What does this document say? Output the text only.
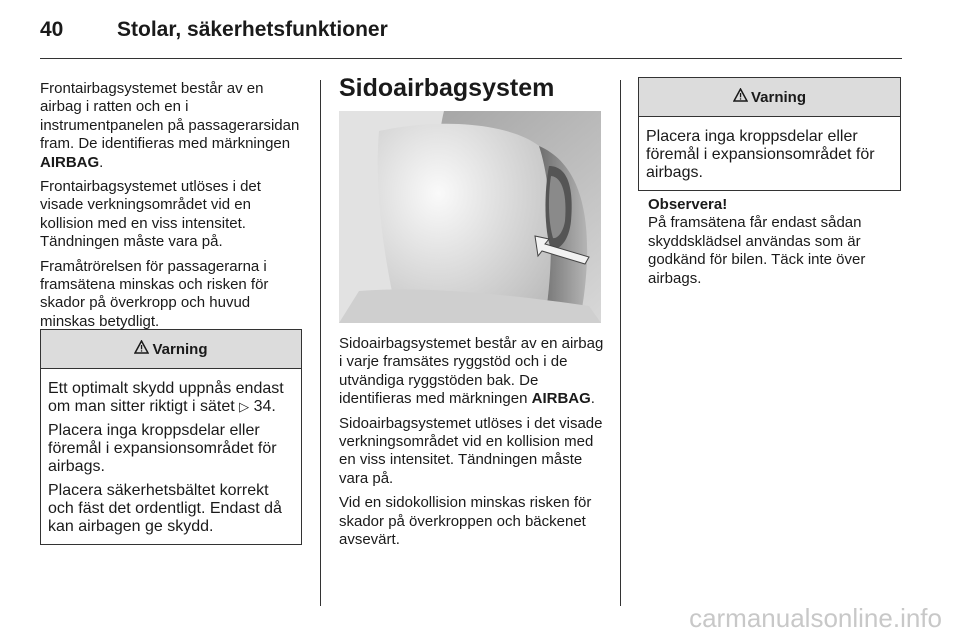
40	Stolar, säkerhetsfunktioner

Frontairbagsystemet består av en airbag i ratten och en i instrumentpanelen på passagerarsidan fram. De identifieras med märkningen AIRBAG.

Frontairbagsystemet utlöses i det visade verkningsområdet vid en kollision med en viss intensitet. Tändningen måste vara på.

Framåtrörelsen för passagerarna i framsätena minskas och risken för skador på överkropp och huvud minskas betydligt.

Varning

Ett optimalt skydd uppnås endast om man sitter riktigt i sätet ▷ 34.

Placera inga kroppsdelar eller föremål i expansionsområdet för airbags.

Placera säkerhetsbältet korrekt och fäst det ordentligt. Endast då kan airbagen ge skydd.

Sidoairbagsystem

Sidoairbagsystemet består av en airbag i varje framsätes ryggstöd och i de utvändiga ryggstöden bak. De identifieras med märkningen AIRBAG.

Sidoairbagsystemet utlöses i det visade verkningsområdet vid en kollision med en viss intensitet. Tändningen måste vara på.

Vid en sidokollision minskas risken för skador på överkroppen och bäckenet avsevärt.

Varning

Placera inga kroppsdelar eller föremål i expansionsområdet för airbags.

Observera!
På framsätena får endast sådan skyddsklädsel användas som är godkänd för bilen. Täck inte över airbags.
carmanualsonline.info
